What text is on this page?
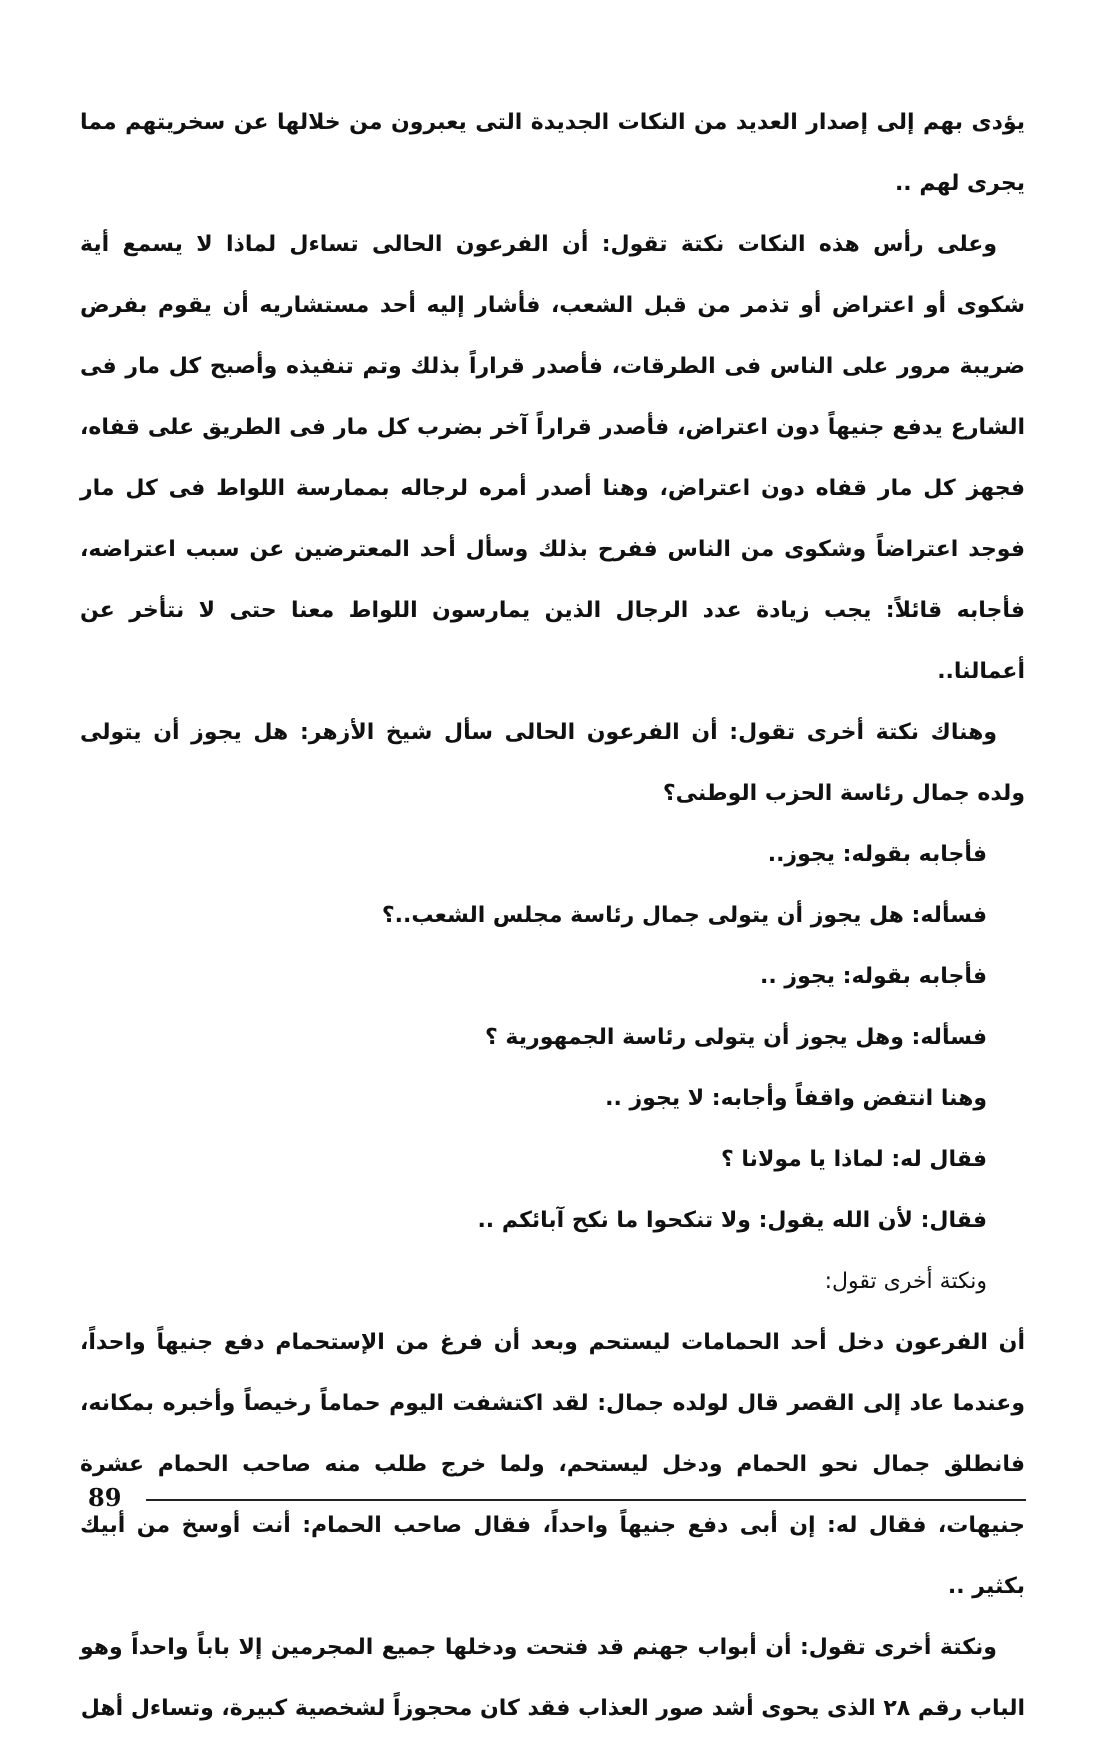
يؤدى بهم إلى إصدار العديد من النكات الجديدة التى يعبرون من خلالها عن سخريتهم مما يجرى لهم ..

وعلى رأس هذه النكات نكتة تقول: أن الفرعون الحالى تساءل لماذا لا يسمع أية شكوى أو اعتراض أو تذمر من قبل الشعب، فأشار إليه أحد مستشاريه أن يقوم بفرض ضريبة مرور على الناس فى الطرقات، فأصدر قراراً بذلك وتم تنفيذه وأصبح كل مار فى الشارع يدفع جنيهاً دون اعتراض، فأصدر قراراً آخر بضرب كل مار فى الطريق على قفاه، فجهز كل مار قفاه دون اعتراض، وهنا أصدر أمره لرجاله بممارسة اللواط فى كل مار فوجد اعتراضاً وشكوى من الناس ففرح بذلك وسأل أحد المعترضين عن سبب اعتراضه، فأجابه قائلاً: يجب زيادة عدد الرجال الذين يمارسون اللواط معنا حتى لا نتأخر عن أعمالنا..

وهناك نكتة أخرى تقول: أن الفرعون الحالى سأل شيخ الأزهر: هل يجوز أن يتولى ولده جمال رئاسة الحزب الوطنى؟

فأجابه بقوله: يجوز..

فسأله: هل يجوز أن يتولى جمال رئاسة مجلس الشعب..؟

فأجابه بقوله: يجوز ..

فسأله: وهل يجوز أن يتولى رئاسة الجمهورية ؟

وهنا انتفض واقفاً وأجابه: لا يجوز ..

فقال له: لماذا يا مولانا ؟

فقال: لأن الله يقول: ولا تنكحوا ما نكح آبائكم ..

ونكتة أخرى تقول:

أن الفرعون دخل أحد الحمامات ليستحم وبعد أن فرغ من الإستحمام دفع جنيهاً واحداً، وعندما عاد إلى القصر قال لولده جمال: لقد اكتشفت اليوم حماماً رخيصاً وأخبره بمكانه، فانطلق جمال نحو الحمام ودخل ليستحم، ولما خرج طلب منه صاحب الحمام عشرة جنيهات، فقال له: إن أبى دفع جنيهاً واحداً، فقال صاحب الحمام: أنت أوسخ من أبيك بكثير ..

ونكتة أخرى تقول: أن أبواب جهنم قد فتحت ودخلها جميع المجرمين إلا باباً واحداً وهو الباب رقم ٢٨ الذى يحوى أشد صور العذاب فقد كان محجوزاً لشخصية كبيرة، وتساءل أهل

89
